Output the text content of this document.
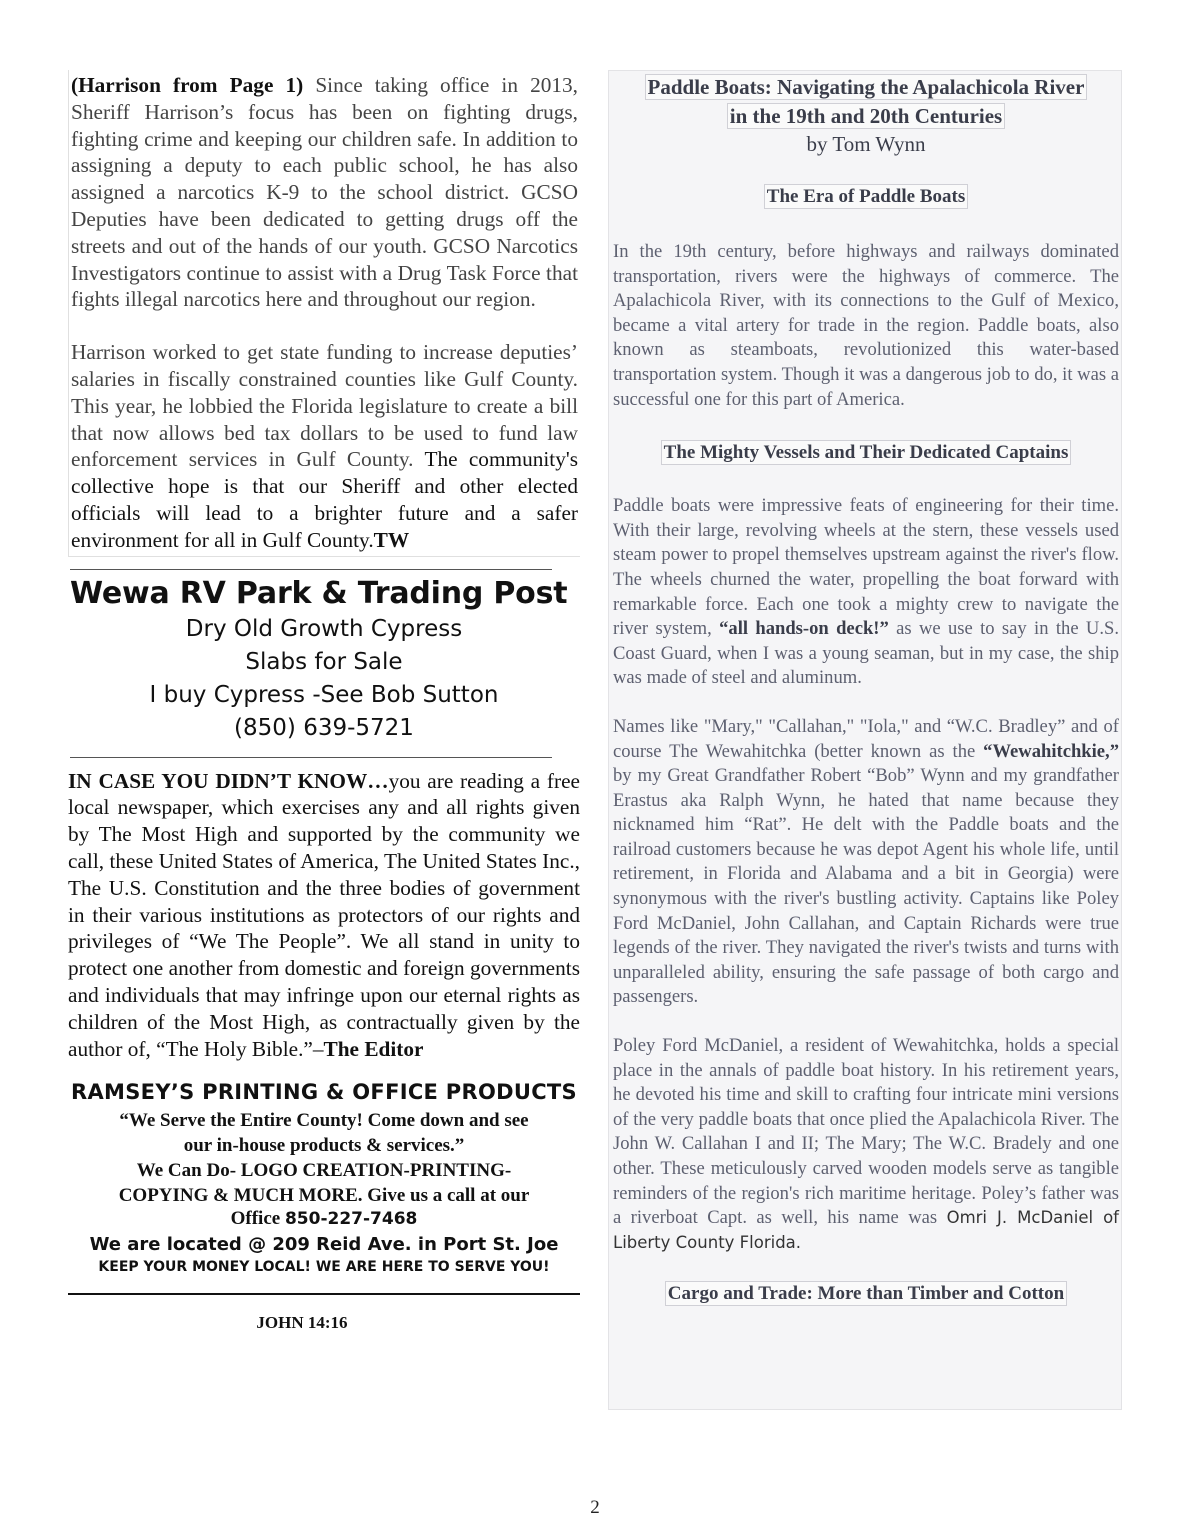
(Harrison from Page 1) Since taking office in 2013, Sheriff Harrison’s focus has been on fighting drugs, fighting crime and keeping our children safe. In addition to assigning a deputy to each public school, he has also assigned a narcotics K-9 to the school district. GCSO Deputies have been dedicated to getting drugs off the streets and out of the hands of our youth. GCSO Narcotics Investigators continue to assist with a Drug Task Force that fights illegal narcotics here and throughout our region.

Harrison worked to get state funding to increase deputies’ salaries in fiscally constrained counties like Gulf County. This year, he lobbied the Florida legislature to create a bill that now allows bed tax dollars to be used to fund law enforcement services in Gulf County. The community's collective hope is that our Sheriff and other elected officials will lead to a brighter future and a safer environment for all in Gulf County.TW

Wewa RV Park & Trading Post
Dry Old Growth Cypress
Slabs for Sale
I buy Cypress -See Bob Sutton
(850) 639-5721

IN CASE YOU DIDN’T KNOW…you are reading a free local newspaper, which exercises any and all rights given by The Most High and supported by the community we call, these United States of America, The United States Inc., The U.S. Constitution and the three bodies of government in their various institutions as protectors of our rights and privileges of “We The People”. We all stand in unity to protect one another from domestic and foreign governments and individuals that may infringe upon our eternal rights as children of the Most High, as contractually given by the author of, “The Holy Bible.”–The Editor

RAMSEY’S PRINTING & OFFICE PRODUCTS
“We Serve the Entire County! Come down and see
our in-house products & services.”
We Can Do- LOGO CREATION-PRINTING-
COPYING & MUCH MORE. Give us a call at our
Office 850-227-7468
We are located @ 209 Reid Ave. in Port St. Joe
KEEP YOUR MONEY LOCAL! WE ARE HERE TO SERVE YOU!
JOHN 14:16
Paddle Boats: Navigating the Apalachicola River
in the 19th and 20th Centuries
by Tom Wynn
The Era of Paddle Boats

In the 19th century, before highways and railways dominated transportation, rivers were the highways of commerce. The Apalachicola River, with its connections to the Gulf of Mexico, became a vital artery for trade in the region. Paddle boats, also known as steamboats, revolutionized this water-based transportation system. Though it was a dangerous job to do, it was a successful one for this part of America.

The Mighty Vessels and Their Dedicated Captains

Paddle boats were impressive feats of engineering for their time. With their large, revolving wheels at the stern, these vessels used steam power to propel themselves upstream against the river's flow. The wheels churned the water, propelling the boat forward with remarkable force. Each one took a mighty crew to navigate the river system, “all hands-on deck!” as we use to say in the U.S. Coast Guard, when I was a young seaman, but in my case, the ship was made of steel and aluminum.

Names like "Mary," "Callahan," "Iola," and “W.C. Bradley” and of course The Wewahitchka (better known as the “Wewahitchkie,” by my Great Grandfather Robert “Bob” Wynn and my grandfather Erastus aka Ralph Wynn, he hated that name because they nicknamed him “Rat”. He delt with the Paddle boats and the railroad customers because he was depot Agent his whole life, until retirement, in Florida and Alabama and a bit in Georgia) were synonymous with the river's bustling activity. Captains like Poley Ford McDaniel, John Callahan, and Captain Richards were true legends of the river. They navigated the river's twists and turns with unparalleled ability, ensuring the safe passage of both cargo and passengers.

Poley Ford McDaniel, a resident of Wewahitchka, holds a special place in the annals of paddle boat history. In his retirement years, he devoted his time and skill to crafting four intricate mini versions of the very paddle boats that once plied the Apalachicola River. The John W. Callahan I and II; The Mary; The W.C. Bradely and one other. These meticulously carved wooden models serve as tangible reminders of the region's rich maritime heritage. Poley’s father was a riverboat Capt. as well, his name was Omri J. McDaniel of Liberty County Florida.

Cargo and Trade: More than Timber and Cotton
2
